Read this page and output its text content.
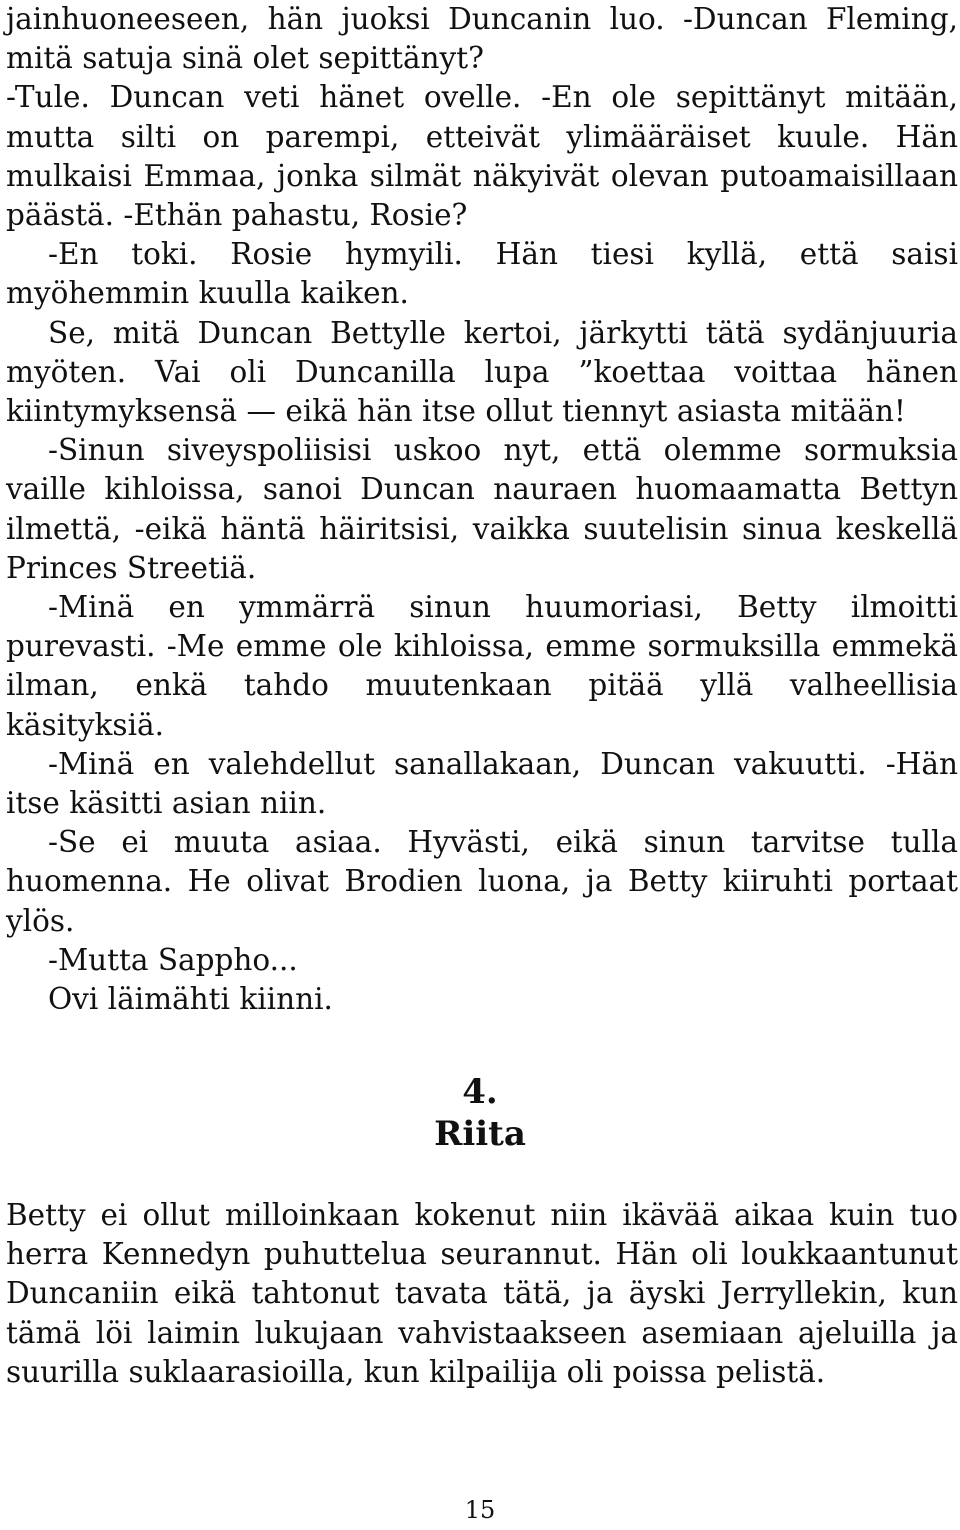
jainhuoneeseen, hän juoksi Duncanin luo. -Duncan Fleming, mitä satuja sinä olet sepittänyt?

-Tule. Duncan veti hänet ovelle. -En ole sepittänyt mitään, mutta silti on parempi, etteivät ylimääräiset kuule. Hän mulkaisi Emmaa, jonka silmät näkyivät olevan putoamaisillaan päästä. -Ethän pahastu, Rosie?

-En toki. Rosie hymyili. Hän tiesi kyllä, että saisi myöhemmin kuulla kaiken.

Se, mitä Duncan Bettylle kertoi, järkytti tätä sydänjuuria myöten. Vai oli Duncanilla lupa ”koettaa voittaa hänen kiintymyksensä — eikä hän itse ollut tiennyt asiasta mitään!

-Sinun siveyspoliisisi uskoo nyt, että olemme sormuksia vaille kihloissa, sanoi Duncan nauraen huomaamatta Bettyn ilmettä, -eikä häntä häiritsisi, vaikka suutelisin sinua keskellä Princes Streetiä.

-Minä en ymmärrä sinun huumoriasi, Betty ilmoitti purevasti. -Me emme ole kihloissa, emme sormuksilla emmekä ilman, enkä tahdo muutenkaan pitää yllä valheellisia käsityksiä.

-Minä en valehdellut sanallakaan, Duncan vakuutti. -Hän itse käsitti asian niin.

-Se ei muuta asiaa. Hyvästi, eikä sinun tarvitse tulla huomenna. He olivat Brodien luona, ja Betty kiiruhti portaat ylös.

-Mutta Sappho...

Ovi läimähti kiinni.

4.
Riita

Betty ei ollut milloinkaan kokenut niin ikävää aikaa kuin tuo herra Kennedyn puhuttelua seurannut. Hän oli loukkaantunut Duncaniin eikä tahtonut tavata tätä, ja äyski Jerryllekin, kun tämä löi laimin lukujaan vahvistaakseen asemiaan ajeluilla ja suurilla suklaarasioilla, kun kilpailija oli poissa pelistä.

15
